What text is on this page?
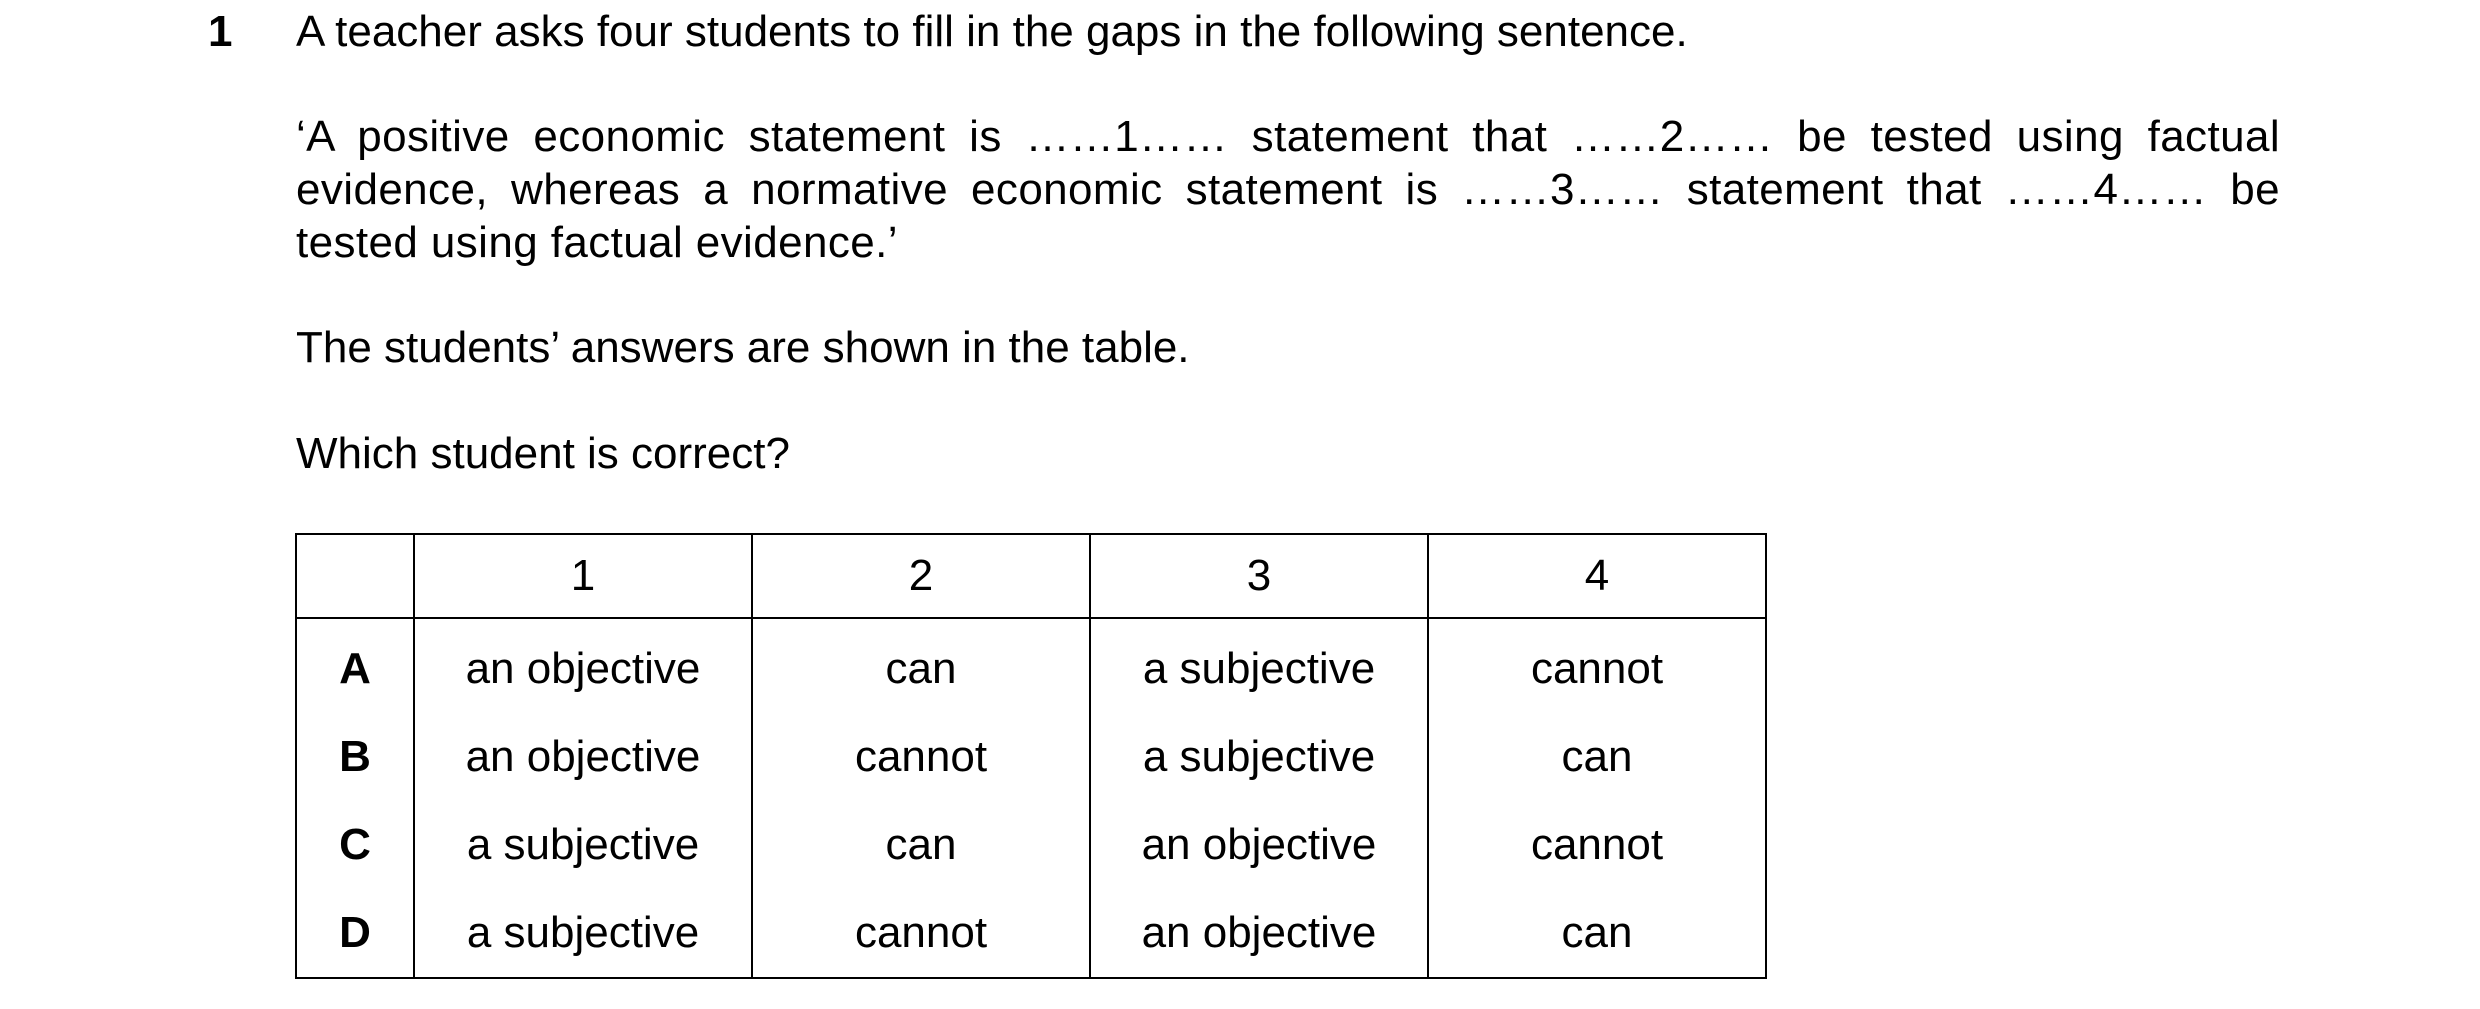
1 A teacher asks four students to fill in the gaps in the following sentence.
‘A positive economic statement is ……1…… statement that ……2…… be tested using factual evidence, whereas a normative economic statement is ……3…… statement that ……4…… be tested using factual evidence.’
The students’ answers are shown in the table.
Which student is correct?
	1	2	3	4
A	an objective	can	a subjective	cannot
B	an objective	cannot	a subjective	can
C	a subjective	can	an objective	cannot
D	a subjective	cannot	an objective	can
